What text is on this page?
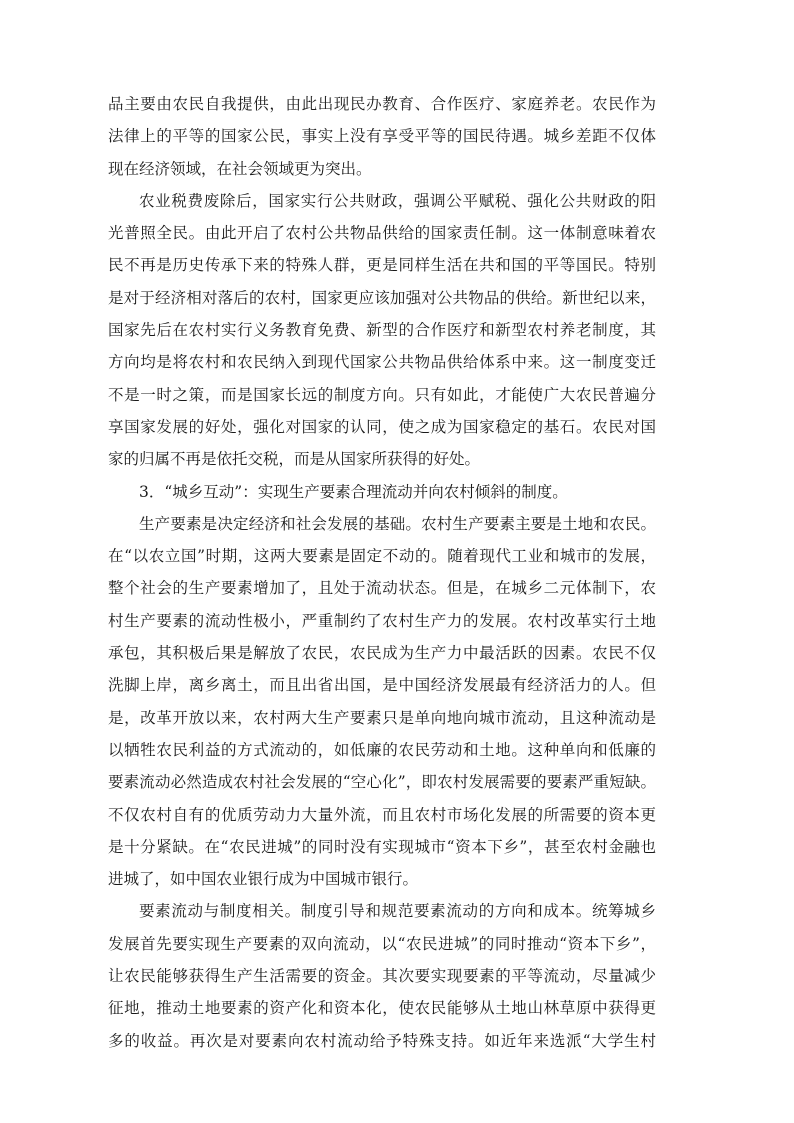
品主要由农民自我提供，由此出现民办教育、合作医疗、家庭养老。农民作为
法律上的平等的国家公民，事实上没有享受平等的国民待遇。城乡差距不仅体
现在经济领域，在社会领域更为突出。
农业税费废除后，国家实行公共财政，强调公平赋税、强化公共财政的阳
光普照全民。由此开启了农村公共物品供给的国家责任制。这一体制意味着农
民不再是历史传承下来的特殊人群，更是同样生活在共和国的平等国民。特别
是对于经济相对落后的农村，国家更应该加强对公共物品的供给。新世纪以来，
国家先后在农村实行义务教育免费、新型的合作医疗和新型农村养老制度，其
方向均是将农村和农民纳入到现代国家公共物品供给体系中来。这一制度变迁
不是一时之策，而是国家长远的制度方向。只有如此，才能使广大农民普遍分
享国家发展的好处，强化对国家的认同，使之成为国家稳定的基石。农民对国
家的归属不再是依托交税，而是从国家所获得的好处。
3．“城乡互动”：实现生产要素合理流动并向农村倾斜的制度。
生产要素是决定经济和社会发展的基础。农村生产要素主要是土地和农民。
在“以农立国”时期，这两大要素是固定不动的。随着现代工业和城市的发展，
整个社会的生产要素增加了，且处于流动状态。但是，在城乡二元体制下，农
村生产要素的流动性极小，严重制约了农村生产力的发展。农村改革实行土地
承包，其积极后果是解放了农民，农民成为生产力中最活跃的因素。农民不仅
洗脚上岸，离乡离土，而且出省出国，是中国经济发展最有经济活力的人。但
是，改革开放以来，农村两大生产要素只是单向地向城市流动，且这种流动是
以牺牲农民利益的方式流动的，如低廉的农民劳动和土地。这种单向和低廉的
要素流动必然造成农村社会发展的“空心化”，即农村发展需要的要素严重短缺。
不仅农村自有的优质劳动力大量外流，而且农村市场化发展的所需要的资本更
是十分紧缺。在“农民进城”的同时没有实现城市“资本下乡”，甚至农村金融也
进城了，如中国农业银行成为中国城市银行。
要素流动与制度相关。制度引导和规范要素流动的方向和成本。统筹城乡
发展首先要实现生产要素的双向流动，以“农民进城”的同时推动“资本下乡”，
让农民能够获得生产生活需要的资金。其次要实现要素的平等流动，尽量减少
征地，推动土地要素的资产化和资本化，使农民能够从土地山林草原中获得更
多的收益。再次是对要素向农村流动给予特殊支持。如近年来选派“大学生村
